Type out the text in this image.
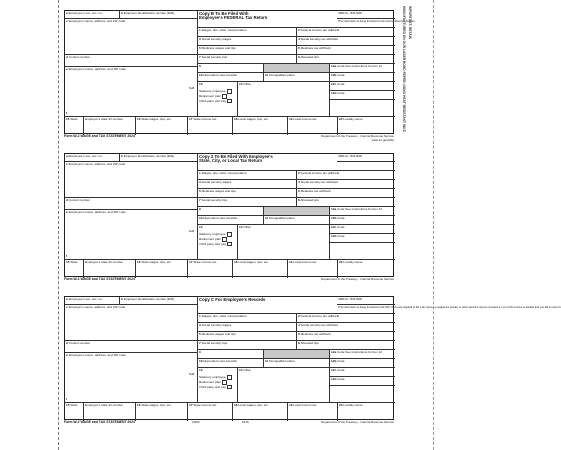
IMPORTANT: RETAIN
MANUFACTURED ON OUR LASER BOND PAPER USING HEAT RESISTANT INKS
a Employee's soc. sec. no.	b Employer identification number (EIN)	Copy B To Be Filed With
Employee's FEDERAL Tax Return
OMB No. 1545-0008
This information is being furnished to the Internal Revenue Service.
c Employer's name, address, and ZIP code
1 Wages, tips, other compensation	2 Federal income tax withheld
3 Social security wages	4 Social security tax withheld
5 Medicare wages and tips	6 Medicare tax withheld
7 Social security tips	8 Allocated tips
d Control number
e Employee's name, address, and ZIP code
Suff.
f
9
10 Dependent care benefits	11 Nonqualified plans
12a Code See instructions for box 12
12b Code
13

Statutory employee
Retirement plan
Third-party sick pay
14 Other	12c Code
12d Code
15 State	Employer's state ID number	16 State wages, tips, etc.	17 State income tax	18 Local wages, tips, etc.	19 Local income tax	20 Locality name
Form W-2 WAGE and TAX STATEMENT 2024	Department of the Treasury - Internal Revenue Service
www.irs.gov/efile
a Employee's soc. sec. no.	b Employer identification number (EIN)	Copy 2 To Be Filed With Employee's
State, City, or Local Tax Return
OMB No. 1545-0008
c Employer's name, address, and ZIP code
1 Wages, tips, other compensation	2 Federal income tax withheld
3 Social security wages	4 Social security tax withheld
5 Medicare wages and tips	6 Medicare tax withheld
7 Social security tips	8 Allocated tips
d Control number
e Employee's name, address, and ZIP code
Suff.
f
9
10 Dependent care benefits	11 Nonqualified plans
12a Code See instructions for box 12
12b Code
13

Statutory employee
Retirement plan
Third-party sick pay
14 Other	12c Code
12d Code
15 State	Employer's state ID number	16 State wages, tips, etc.	17 State income tax	18 Local wages, tips, etc.	19 Local income tax	20 Locality name
Form W-2 WAGE and TAX STATEMENT 2024	Department of the Treasury - Internal Revenue Service
a Employee's soc. sec. no.	b Employer identification number (EIN)	Copy C For Employee's Records	OMB No. 1545-0008
This information is being furnished to the IRS. If you are required to file a tax return, a negligence penalty or other sanction may be imposed on you if this income is taxable and you fail to report it.
c Employer's name, address, and ZIP code
1 Wages, tips, other compensation	2 Federal income tax withheld
3 Social security wages	4 Social security tax withheld
5 Medicare wages and tips	6 Medicare tax withheld
7 Social security tips	8 Allocated tips
d Control number
e Employee's name, address, and ZIP code
Suff.
f
9
10 Dependent care benefits	11 Nonqualified plans
12a Code See instructions for box 12
12b Code
13

Statutory employee
Retirement plan
Third-party sick pay
14 Other	12c Code
12d Code
15 State	Employer's state ID number	16 State wages, tips, etc.	17 State income tax	18 Local wages, tips, etc.	19 Local income tax	20 Locality name
Form W-2 WAGE and TAX STATEMENT 2024	LW2F	5216	Department of the Treasury - Internal Revenue Service
